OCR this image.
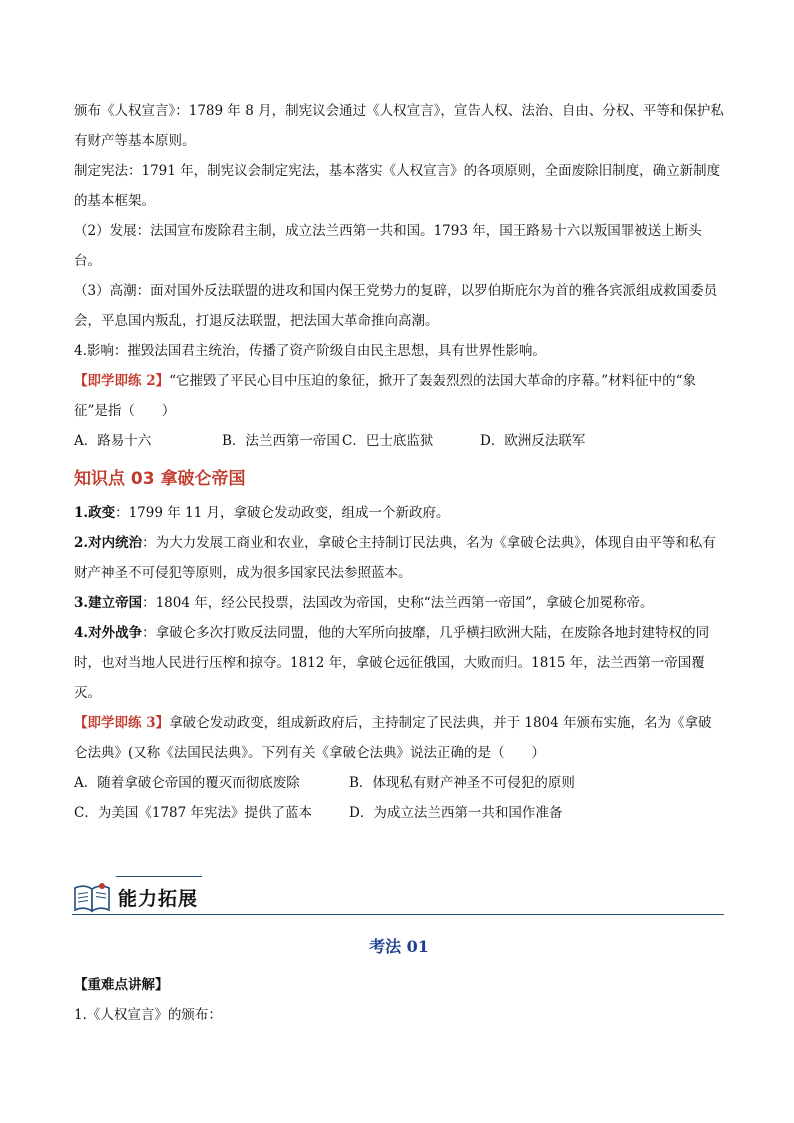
颁布《人权宣言》：1789 年 8 月，制宪议会通过《人权宣言》，宣告人权、法治、自由、分权、平等和保护私有财产等基本原则。

制定宪法：1791 年，制宪议会制定宪法，基本落实《人权宣言》的各项原则，全面废除旧制度，确立新制度的基本框架。

（2）发展：法国宣布废除君主制，成立法兰西第一共和国。1793 年，国王路易十六以叛国罪被送上断头台。

（3）高潮：面对国外反法联盟的进攻和国内保王党势力的复辟，以罗伯斯庇尔为首的雅各宾派组成救国委员会，平息国内叛乱，打退反法联盟，把法国大革命推向高潮。

4.影响：摧毁法国君主统治，传播了资产阶级自由民主思想，具有世界性影响。

【即学即练 2】“它摧毁了平民心目中压迫的象征，掀开了轰轰烈烈的法国大革命的序幕。”材料征中的“象征”是指（　　）

A．路易十六	B．法兰西第一帝国 C．巴士底监狱	D．欧洲反法联军
知识点 03 拿破仑帝国

1.政变：1799 年 11 月，拿破仑发动政变，组成一个新政府。

2.对内统治：为大力发展工商业和农业，拿破仑主持制订民法典，名为《拿破仑法典》，体现自由平等和私有财产神圣不可侵犯等原则，成为很多国家民法参照蓝本。

3.建立帝国：1804 年，经公民投票，法国改为帝国，史称“法兰西第一帝国”，拿破仑加冕称帝。

4.对外战争：拿破仑多次打败反法同盟，他的大军所向披靡，几乎横扫欧洲大陆，在废除各地封建特权的同时，也对当地人民进行压榨和掠夺。1812 年，拿破仑远征俄国，大败而归。1815 年，法兰西第一帝国覆灭。

【即学即练 3】拿破仑发动政变，组成新政府后，主持制定了民法典，并于 1804 年颁布实施，名为《拿破仑法典》(又称《法国民法典》。下列有关《拿破仑法典》说法正确的是（　　）

A．随着拿破仑帝国的覆灭而彻底废除	B．体现私有财产神圣不可侵犯的原则
C．为美国《1787 年宪法》提供了蓝本	D．为成立法兰西第一共和国作准备
能力拓展
考法 01

【重难点讲解】

1.《人权宣言》的颁布：
